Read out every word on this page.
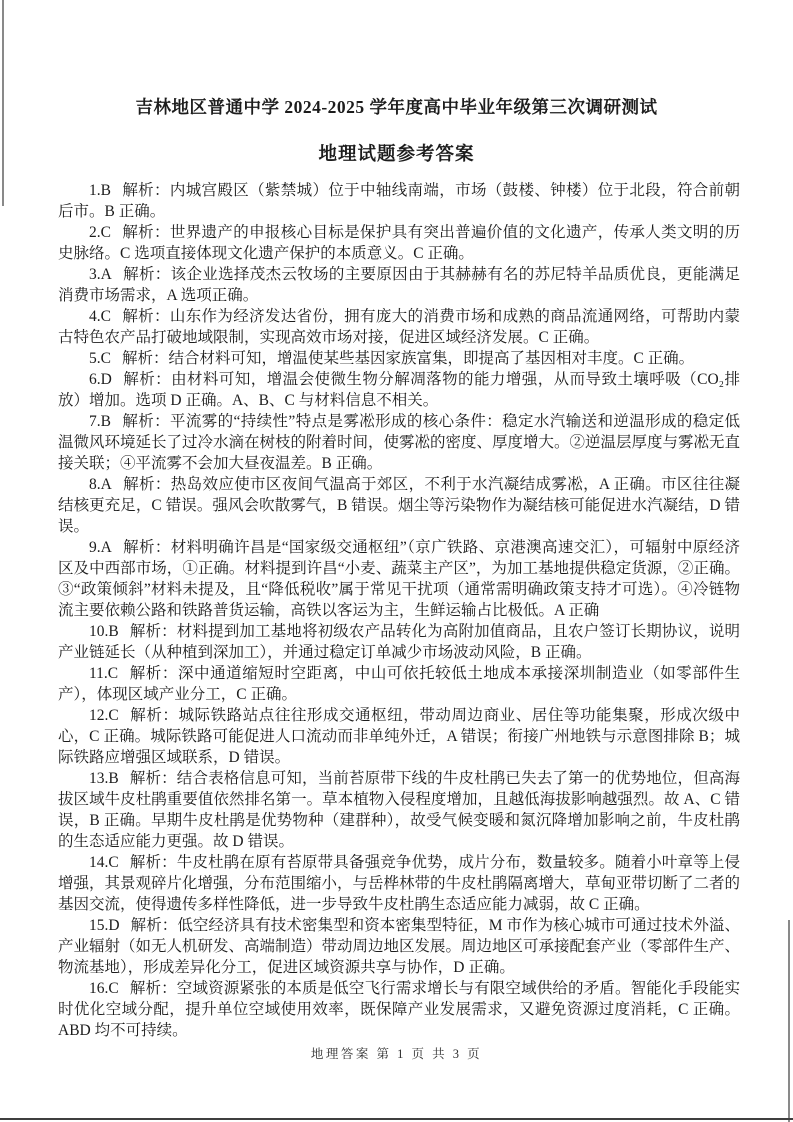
吉林地区普通中学 2024-2025 学年度高中毕业年级第三次调研测试
地理试题参考答案

1.B 解析：内城宫殿区（紫禁城）位于中轴线南端，市场（鼓楼、钟楼）位于北段，符合前朝后市。B 正确。

2.C 解析：世界遗产的申报核心目标是保护具有突出普遍价值的文化遗产，传承人类文明的历史脉络。C 选项直接体现文化遗产保护的本质意义。C 正确。

3.A 解析：该企业选择茂杰云牧场的主要原因由于其赫赫有名的苏尼特羊品质优良，更能满足消费市场需求，A 选项正确。

4.C 解析：山东作为经济发达省份，拥有庞大的消费市场和成熟的商品流通网络，可帮助内蒙古特色农产品打破地域限制，实现高效市场对接，促进区域经济发展。C 正确。

5.C 解析：结合材料可知，增温使某些基因家族富集，即提高了基因相对丰度。C 正确。

6.D 解析：由材料可知，增温会使微生物分解凋落物的能力增强，从而导致土壤呼吸（CO₂排放）增加。选项 D 正确。A、B、C 与材料信息不相关。

7.B 解析：平流雾的“持续性”特点是雾凇形成的核心条件：稳定水汽输送和逆温形成的稳定低温微风环境延长了过冷水滴在树枝的附着时间，使雾凇的密度、厚度增大。②逆温层厚度与雾凇无直接关联；④平流雾不会加大昼夜温差。B 正确。

8.A 解析：热岛效应使市区夜间气温高于郊区，不利于水汽凝结成雾凇，A 正确。市区往往凝结核更充足，C 错误。强风会吹散雾气，B 错误。烟尘等污染物作为凝结核可能促进水汽凝结，D 错误。

9.A 解析：材料明确许昌是“国家级交通枢纽”（京广铁路、京港澳高速交汇），可辐射中原经济区及中西部市场，①正确。材料提到许昌“小麦、蔬菜主产区”，为加工基地提供稳定货源，②正确。③“政策倾斜”材料未提及，且“降低税收”属于常见干扰项（通常需明确政策支持才可选）。④冷链物流主要依赖公路和铁路普货运输，高铁以客运为主，生鲜运输占比极低。A 正确

10.B 解析：材料提到加工基地将初级农产品转化为高附加值商品，且农户签订长期协议，说明产业链延长（从种植到深加工），并通过稳定订单减少市场波动风险，B 正确。

11.C 解析：深中通道缩短时空距离，中山可依托较低土地成本承接深圳制造业（如零部件生产），体现区域产业分工，C 正确。

12.C 解析：城际铁路站点往往形成交通枢纽，带动周边商业、居住等功能集聚，形成次级中心，C 正确。城际铁路可能促进人口流动而非单纯外迁，A 错误；衔接广州地铁与示意图排除 B；城际铁路应增强区域联系，D 错误。

13.B 解析：结合表格信息可知，当前苔原带下线的牛皮杜鹃已失去了第一的优势地位，但高海拔区域牛皮杜鹃重要值依然排名第一。草本植物入侵程度增加，且越低海拔影响越强烈。故 A、C 错误，B 正确。早期牛皮杜鹃是优势物种（建群种），故受气候变暖和氮沉降增加影响之前，牛皮杜鹃的生态适应能力更强。故 D 错误。

14.C 解析：牛皮杜鹃在原有苔原带具备强竞争优势，成片分布，数量较多。随着小叶章等上侵增强，其景观碎片化增强，分布范围缩小，与岳桦林带的牛皮杜鹃隔离增大，草甸亚带切断了二者的基因交流，使得遗传多样性降低，进一步导致牛皮杜鹃生态适应能力减弱，故 C 正确。

15.D 解析：低空经济具有技术密集型和资本密集型特征，M 市作为核心城市可通过技术外溢、产业辐射（如无人机研发、高端制造）带动周边地区发展。周边地区可承接配套产业（零部件生产、物流基地），形成差异化分工，促进区域资源共享与协作，D 正确。

16.C 解析：空域资源紧张的本质是低空飞行需求增长与有限空域供给的矛盾。智能化手段能实时优化空域分配，提升单位空域使用效率，既保障产业发展需求，又避免资源过度消耗，C 正确。ABD 均不可持续。

地理答案 第 1 页 共 3 页
